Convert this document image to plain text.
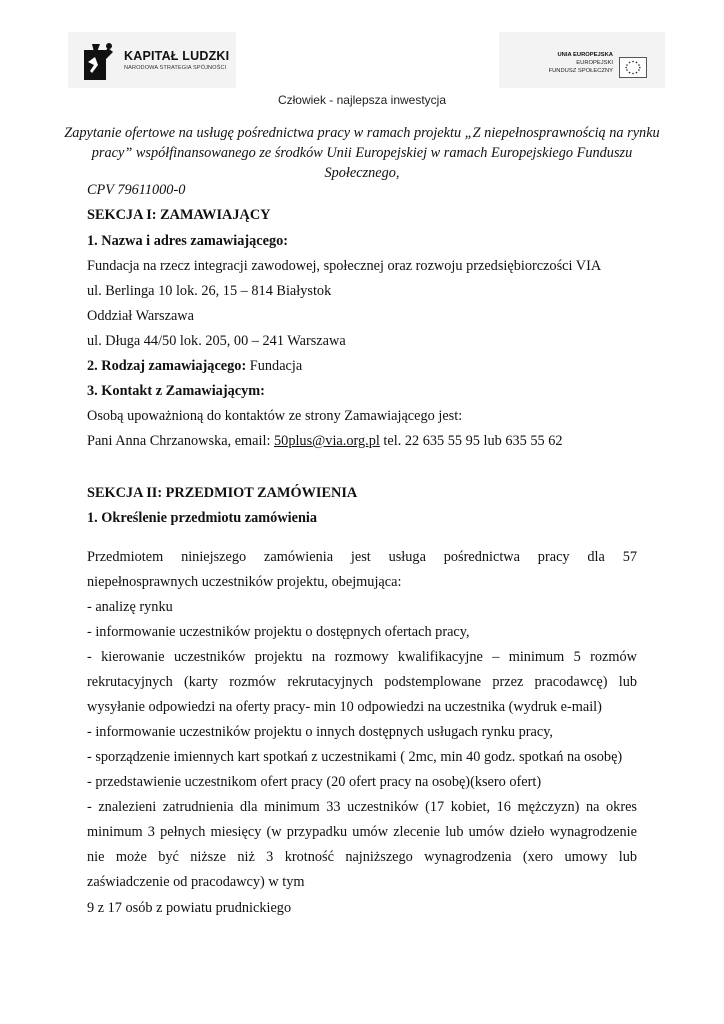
KAPITAŁ LUDZKI
NARODOWA STRATEGIA SPÓJNOŚCI
UNIA EUROPEJSKA
EUROPEJSKI
FUNDUSZ SPOŁECZNY
Człowiek - najlepsza inwestycja

Zapytanie ofertowe na usługę pośrednictwa pracy w ramach projektu „Z niepełnosprawnością na rynku pracy” współfinansowanego ze środków Unii Europejskiej w ramach Europejskiego Funduszu Społecznego,

CPV 79611000-0

SEKCJA I: ZAMAWIAJĄCY

1. Nazwa i adres zamawiającego:

Fundacja na rzecz integracji zawodowej, społecznej oraz rozwoju przedsiębiorczości VIA

ul. Berlinga 10 lok. 26, 15 – 814 Białystok

Oddział Warszawa

ul. Długa 44/50 lok. 205, 00 – 241 Warszawa

2. Rodzaj zamawiającego: Fundacja

3. Kontakt z Zamawiającym:

Osobą upoważnioną do kontaktów ze strony Zamawiającego jest:

Pani Anna Chrzanowska, email: 50plus@via.org.pl tel. 22 635 55 95 lub 635 55 62

SEKCJA II: PRZEDMIOT ZAMÓWIENIA

1. Określenie przedmiotu zamówienia

Przedmiotem niniejszego zamówienia jest usługa pośrednictwa pracy dla 57 niepełnosprawnych uczestników projektu, obejmująca:

- analizę rynku

- informowanie uczestników projektu o dostępnych ofertach pracy,

- kierowanie uczestników projektu na rozmowy kwalifikacyjne – minimum 5 rozmów rekrutacyjnych (karty rozmów rekrutacyjnych podstemplowane przez pracodawcę) lub wysyłanie odpowiedzi na oferty pracy- min 10 odpowiedzi na uczestnika (wydruk e-mail)

- informowanie uczestników projektu o innych dostępnych usługach rynku pracy,

- sporządzenie imiennych kart spotkań z uczestnikami ( 2mc, min 40 godz. spotkań na osobę)

- przedstawienie uczestnikom ofert pracy (20 ofert pracy na osobę)(ksero ofert)

- znalezieni zatrudnienia dla minimum 33 uczestników (17 kobiet, 16 mężczyzn) na okres minimum 3 pełnych miesięcy (w przypadku umów zlecenie lub umów dzieło wynagrodzenie nie może być niższe niż 3 krotność najniższego wynagrodzenia (xero umowy lub zaświadczenie od pracodawcy) w tym

9 z 17 osób z powiatu prudnickiego
